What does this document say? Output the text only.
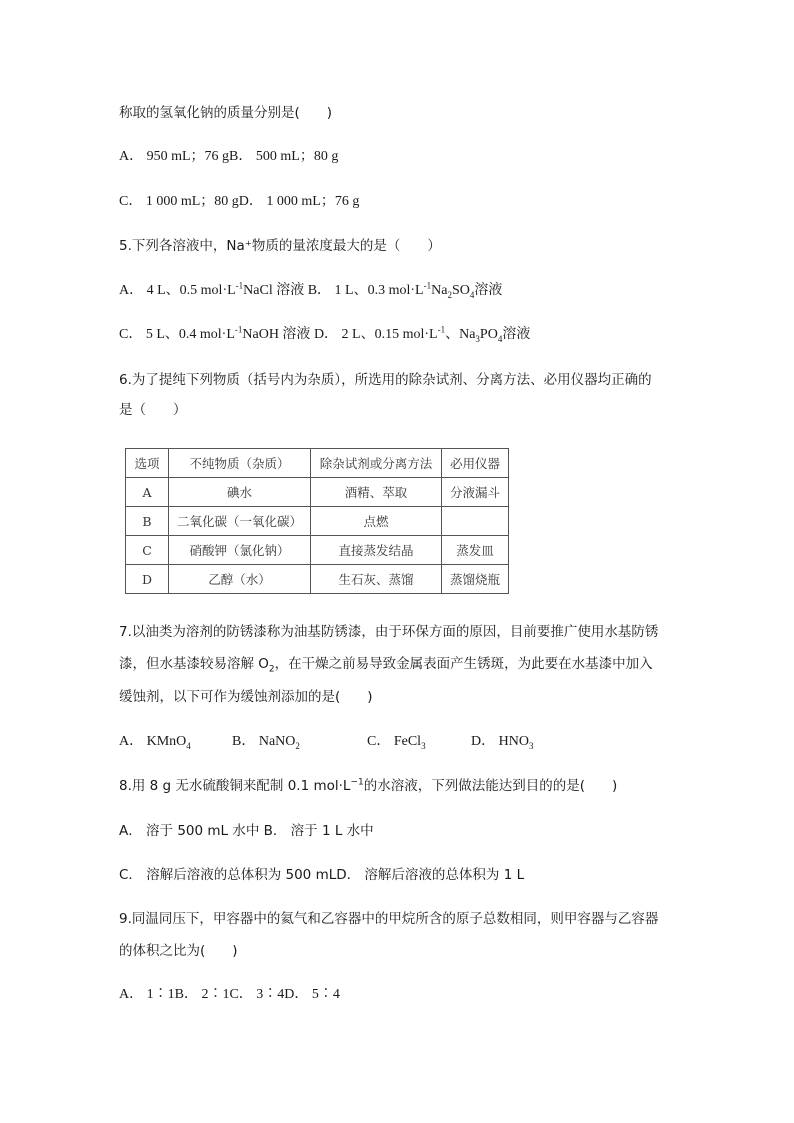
称取的氢氧化钠的质量分别是(　　)
A． 950 mL；76 gB． 500 mL；80 g
C． 1 000 mL；80 gD． 1 000 mL；76 g
5.下列各溶液中，Na⁺物质的量浓度最大的是（　　）
A． 4 L、0.5 $mol\cdot L^{-1}NaCl$ 溶液 B． 1 L、0.3 $mol\cdot L^{-1}Na_2SO_4$溶液
C． 5 L、0.4 $mol\cdot L^{-1}NaOH$ 溶液 D． 2 L、0.15 $mol\cdot L^{-1}$、$Na_3PO_4$溶液
6.为了提纯下列物质（括号内为杂质），所选用的除杂试剂、分离方法、必用仪器均正确的
是（　　）
选项	不纯物质（杂质）	除杂试剂或分离方法	必用仪器
A	碘水	酒精、萃取	分液漏斗
B	二氧化碳（一氧化碳）	点燃	
C	硝酸钾（氯化钠）	直接蒸发结晶	蒸发皿
D	乙醇（水）	生石灰、蒸馏	蒸馏烧瓶
7.以油类为溶剂的防锈漆称为油基防锈漆，由于环保方面的原因，目前要推广使用水基防锈
漆，但水基漆较易溶解 $O_2$，在干燥之前易导致金属表面产生锈斑，为此要在水基漆中加入
缓蚀剂，以下可作为缓蚀剂添加的是(　　)
A． KMnO$_4$	B． NaNO$_2$	C． FeCl$_3$	D． $HNO_3$
8.用 8 g 无水硫酸铜来配制 0.1 $mol\cdot L^{-1}$的水溶液，下列做法能达到目的的是(　　)
A． 溶于 500 mL 水中 B． 溶于 1 L 水中
C． 溶解后溶液的总体积为 500 mLD． 溶解后溶液的总体积为 1 L
9.同温同压下，甲容器中的氦气和乙容器中的甲烷所含的原子总数相同，则甲容器与乙容器
的体积之比为(　　)
A． 1∶1B． 2∶1C． 3∶4D． 5∶4
